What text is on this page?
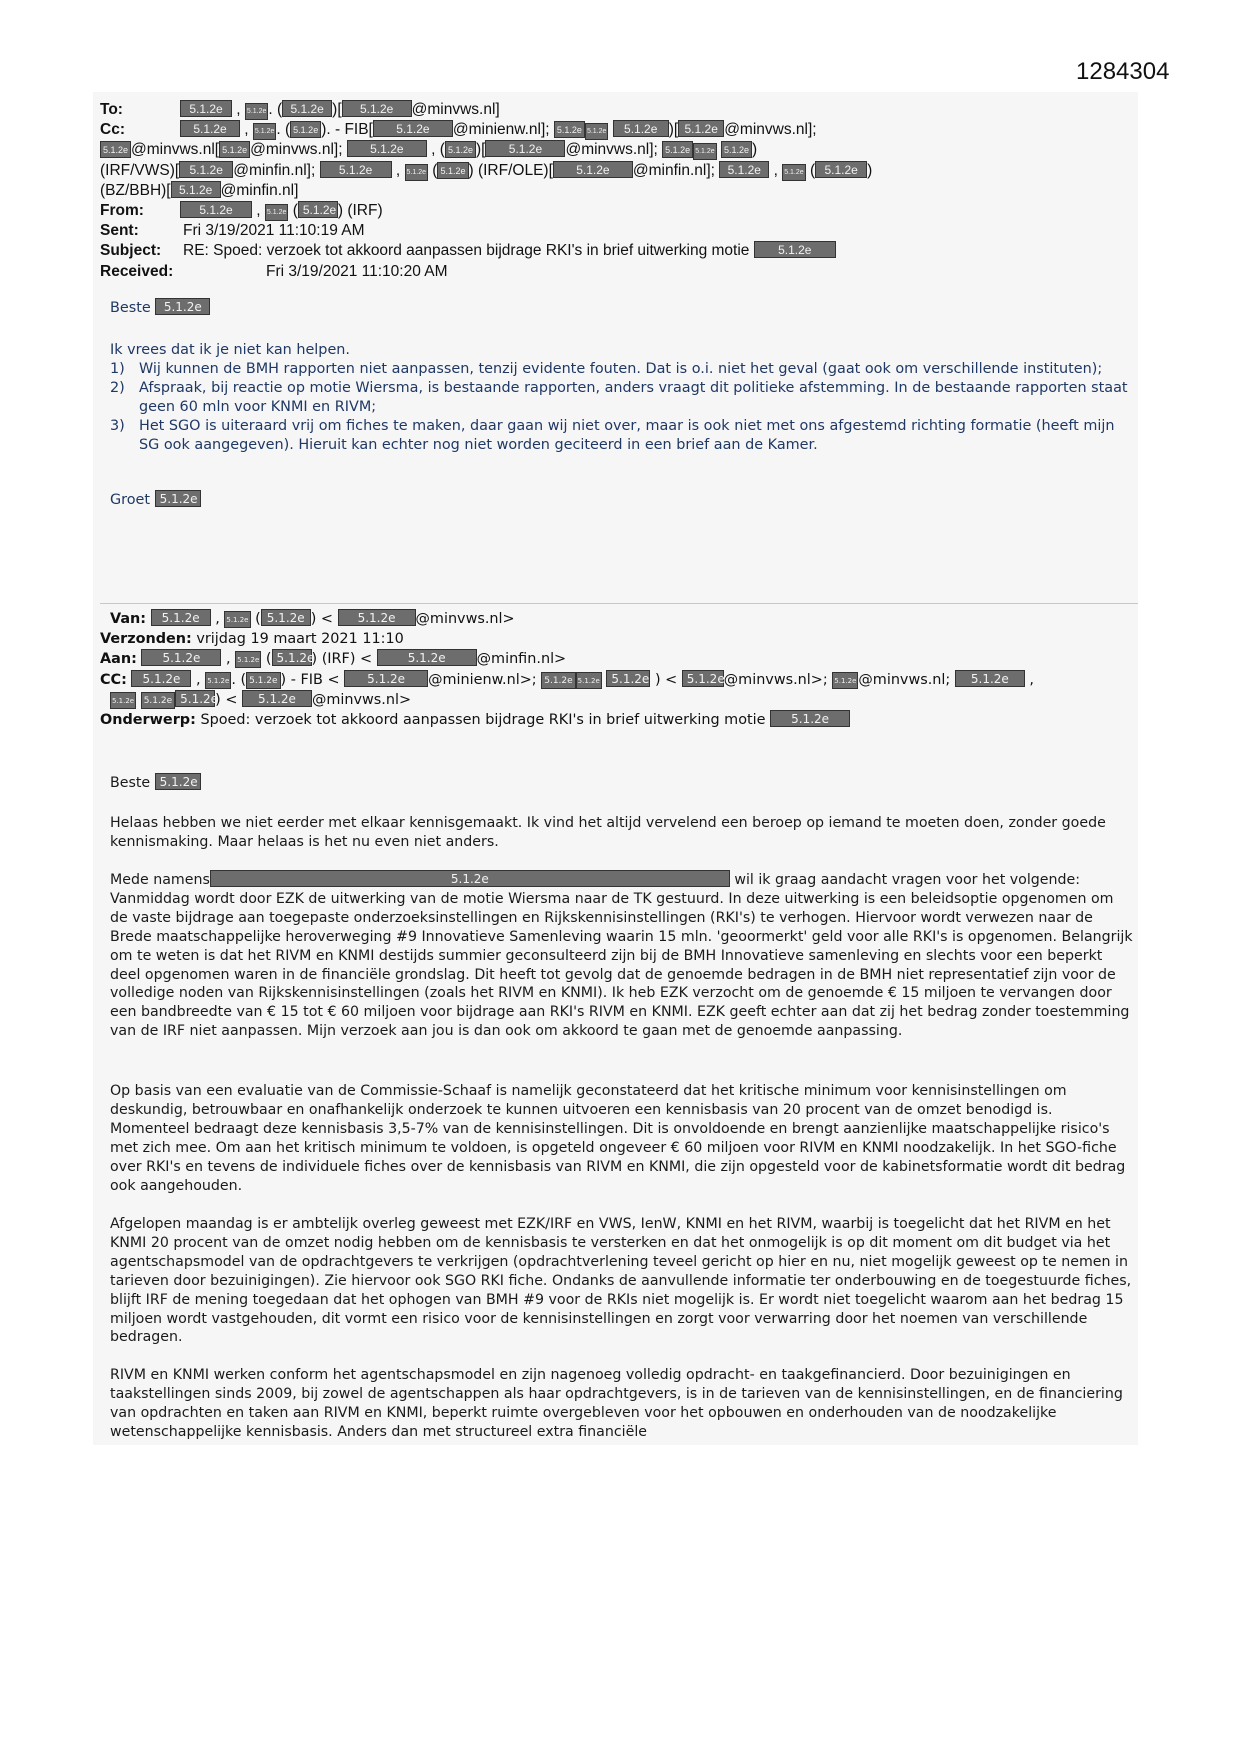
1284304
To:	5.1.2e , 5.1.2e . ( 5.1.2e )[ 5.1.2e @minvws.nl]
Cc:	5.1.2e , 5.1.2e . ( 5.1.2e ). - FIB[ 5.1.2e @minienw.nl]; 5.1.2e 5.1.2e 5.1.2e )[ 5.1.2e @minvws.nl];
5.1.2e @minvws.nl[ 5.1.2e @minvws.nl]; 5.1.2e , ( 5.1.2e )[ 5.1.2e @minvws.nl]; 5.1.2e 5.1.2e 5.1.2e )
(IRF/VWS)[ 5.1.2e @minfin.nl]; 5.1.2e , 5.1.2e ( 5.1.2e ) (IRF/OLE)[ 5.1.2e @minfin.nl]; 5.1.2e , 5.1.2e ( 5.1.2e )
(BZ/BBH)[ 5.1.2e @minfin.nl]
From:	5.1.2e , 5.1.2e ( 5.1.2e ) (IRF)
Sent:	Fri 3/19/2021 11:10:19 AM
Subject: RE: Spoed: verzoek tot akkoord aanpassen bijdrage RKI's in brief uitwerking motie 5.1.2e
Received:	Fri 3/19/2021 11:10:20 AM
Beste 5.1.2e
Ik vrees dat ik je niet kan helpen.
1) Wij kunnen de BMH rapporten niet aanpassen, tenzij evidente fouten. Dat is o.i. niet het geval (gaat ook om verschillende instituten);
2) Afspraak, bij reactie op motie Wiersma, is bestaande rapporten, anders vraagt dit politieke afstemming. In de bestaande rapporten staat geen 60 mln voor KNMI en RIVM;
3) Het SGO is uiteraard vrij om fiches te maken, daar gaan wij niet over, maar is ook niet met ons afgestemd richting formatie (heeft mijn SG ook aangegeven). Hieruit kan echter nog niet worden geciteerd in een brief aan de Kamer.
Groet 5.1.2e
Van: 5.1.2e , 5.1.2e ( 5.1.2e ) < 5.1.2e @minvws.nl>
Verzonden: vrijdag 19 maart 2021 11:10
Aan: 5.1.2e , 5.1.2e ( 5.1.2e) (IRF) <	5.1.2e @minfin.nl>
CC: 5.1.2e , 5.1.2e . ( 5.1.2e ) - FIB < 5.1.2e @minienw.nl>; 5.1.2e 5.1.2e 5.1.2e ) < 5.1.2e@minvws.nl>; 5.1.2e @minvws.nl; 5.1.2e ,
5.1.2e 5.1.2e 5.1.2e) < 5.1.2e @minvws.nl>
Onderwerp: Spoed: verzoek tot akkoord aanpassen bijdrage RKI's in brief uitwerking motie 5.1.2e
Beste 5.1.2e

Helaas hebben we niet eerder met elkaar kennisgemaakt. Ik vind het altijd vervelend een beroep op iemand te moeten doen, zonder goede kennismaking. Maar helaas is het nu even niet anders.

Mede namens	5.1.2e	wil ik graag aandacht vragen voor het volgende: Vanmiddag wordt door EZK de uitwerking van de motie Wiersma naar de TK gestuurd. In deze uitwerking is een beleidsoptie opgenomen om de vaste bijdrage aan toegepaste onderzoeksinstellingen en Rijkskennisinstellingen (RKI's) te verhogen. Hiervoor wordt verwezen naar de Brede maatschappelijke heroverweging #9 Innovatieve Samenleving waarin 15 mln. 'geoormerkt' geld voor alle RKI's is opgenomen. Belangrijk om te weten is dat het RIVM en KNMI destijds summier geconsulteerd zijn bij de BMH Innovatieve samenleving en slechts voor een beperkt deel opgenomen waren in de financiële grondslag. Dit heeft tot gevolg dat de genoemde bedragen in de BMH niet representatief zijn voor de volledige noden van Rijkskennisinstellingen (zoals het RIVM en KNMI). Ik heb EZK verzocht om de genoemde € 15 miljoen te vervangen door een bandbreedte van € 15 tot € 60 miljoen voor bijdrage aan RKI's RIVM en KNMI. EZK geeft echter aan dat zij het bedrag zonder toestemming van de IRF niet aanpassen. Mijn verzoek aan jou is dan ook om akkoord te gaan met de genoemde aanpassing.

Op basis van een evaluatie van de Commissie-Schaaf is namelijk geconstateerd dat het kritische minimum voor kennisinstellingen om deskundig, betrouwbaar en onafhankelijk onderzoek te kunnen uitvoeren een kennisbasis van 20 procent van de omzet benodigd is. Momenteel bedraagt deze kennisbasis 3,5-7% van de kennisinstellingen. Dit is onvoldoende en brengt aanzienlijke maatschappelijke risico's met zich mee. Om aan het kritisch minimum te voldoen, is opgeteld ongeveer € 60 miljoen voor RIVM en KNMI noodzakelijk. In het SGO-fiche over RKI's en tevens de individuele fiches over de kennisbasis van RIVM en KNMI, die zijn opgesteld voor de kabinetsformatie wordt dit bedrag ook aangehouden.

Afgelopen maandag is er ambtelijk overleg geweest met EZK/IRF en VWS, IenW, KNMI en het RIVM, waarbij is toegelicht dat het RIVM en het KNMI 20 procent van de omzet nodig hebben om de kennisbasis te versterken en dat het onmogelijk is op dit moment om dit budget via het agentschapsmodel van de opdrachtgevers te verkrijgen (opdrachtverlening teveel gericht op hier en nu, niet mogelijk geweest op te nemen in tarieven door bezuinigingen). Zie hiervoor ook SGO RKI fiche. Ondanks de aanvullende informatie ter onderbouwing en de toegestuurde fiches, blijft IRF de mening toegedaan dat het ophogen van BMH #9 voor de RKIs niet mogelijk is. Er wordt niet toegelicht waarom aan het bedrag 15 miljoen wordt vastgehouden, dit vormt een risico voor de kennisinstellingen en zorgt voor verwarring door het noemen van verschillende bedragen.

RIVM en KNMI werken conform het agentschapsmodel en zijn nagenoeg volledig opdracht- en taakgefinancierd. Door bezuinigingen en taakstellingen sinds 2009, bij zowel de agentschappen als haar opdrachtgevers, is in de tarieven van de kennisinstellingen, en de financiering van opdrachten en taken aan RIVM en KNMI, beperkt ruimte overgebleven voor het opbouwen en onderhouden van de noodzakelijke wetenschappelijke kennisbasis. Anders dan met structureel extra financiële
